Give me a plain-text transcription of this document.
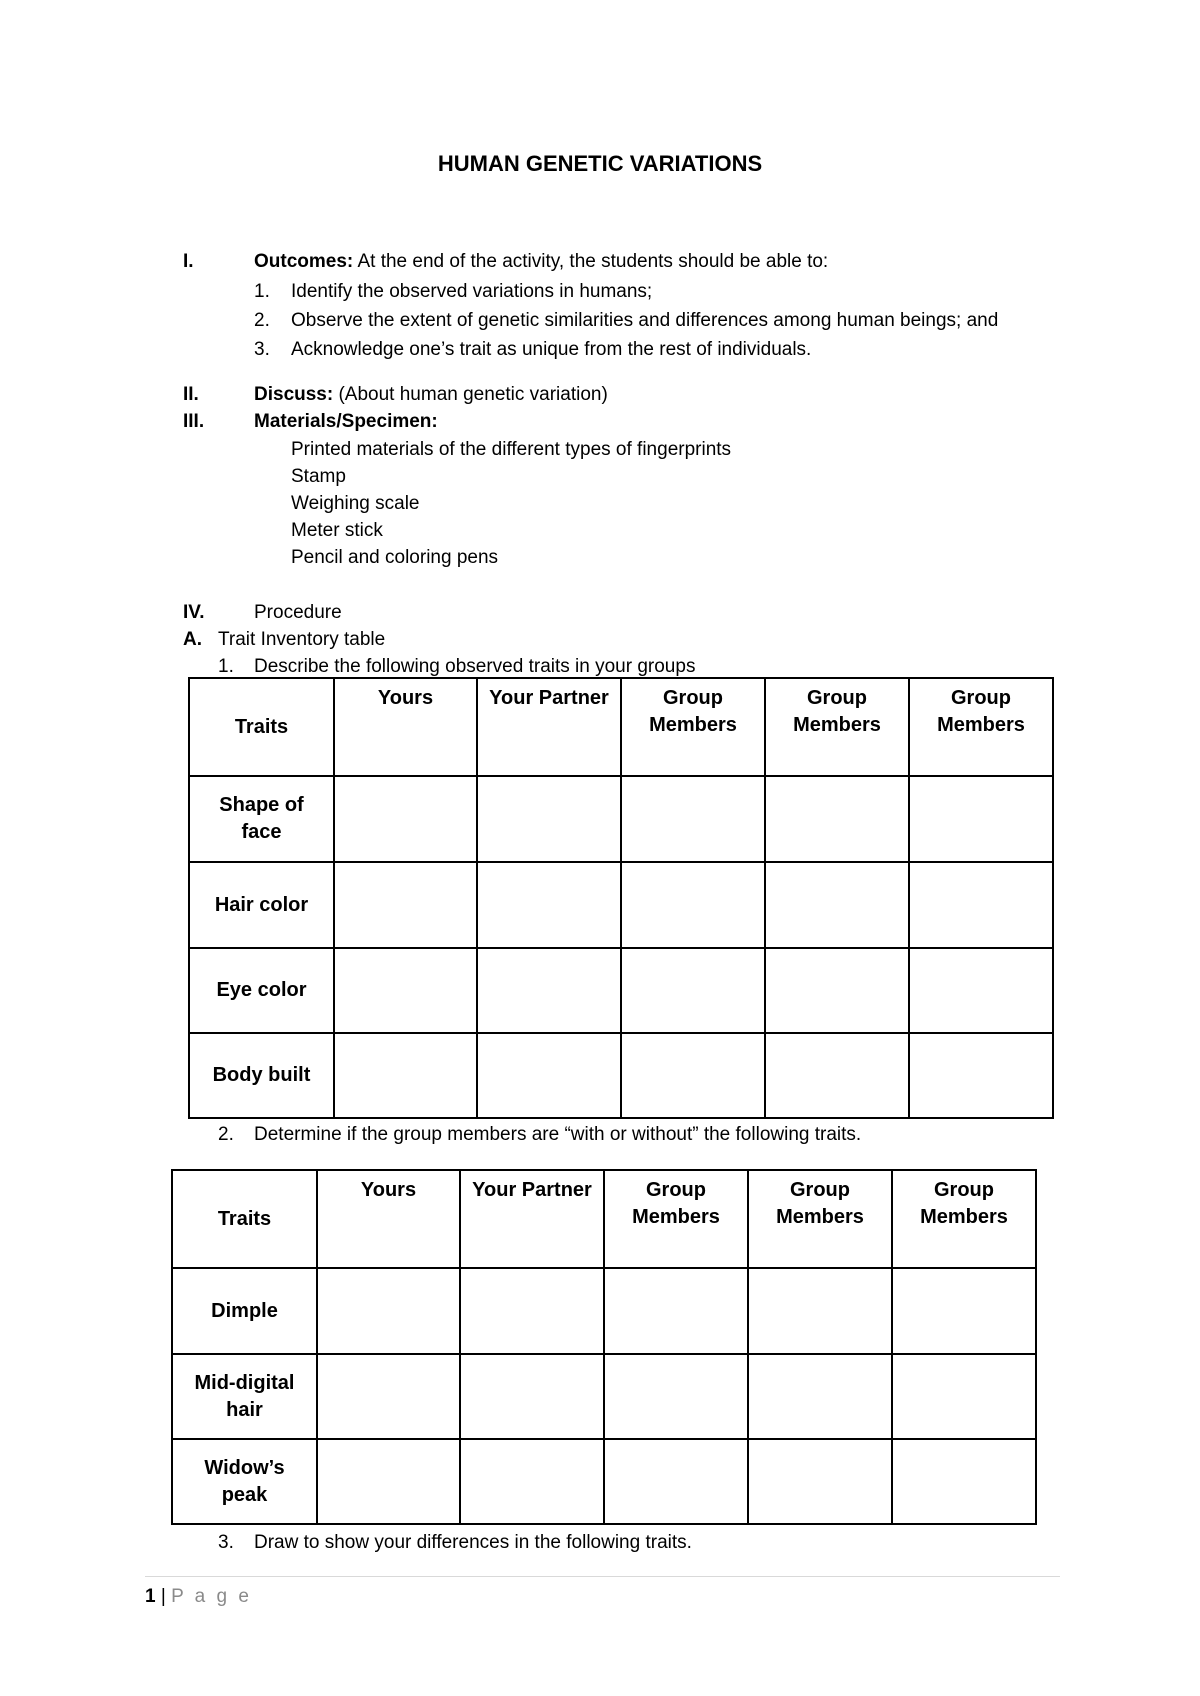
HUMAN GENETIC VARIATIONS
I.	Outcomes: At the end of the activity, the students should be able to:
1. Identify the observed variations in humans;
2. Observe the extent of genetic similarities and differences among human beings; and
3. Acknowledge one’s trait as unique from the rest of individuals.
II.	Discuss: (About human genetic variation)
III.	Materials/Specimen:
Printed materials of the different types of fingerprints
Stamp
Weighing scale
Meter stick
Pencil and coloring pens
IV.	Procedure
A. Trait Inventory table
1. Describe the following observed traits in your groups
Traits	Yours	Your Partner	Group Members	Group Members	Group Members
Shape of face					
Hair color					
Eye color					
Body built					
2. Determine if the group members are “with or without” the following traits.
Traits	Yours	Your Partner	Group Members	Group Members	Group Members
Dimple					
Mid-digital hair					
Widow’s peak					
3. Draw to show your differences in the following traits.
1 | P a g e
